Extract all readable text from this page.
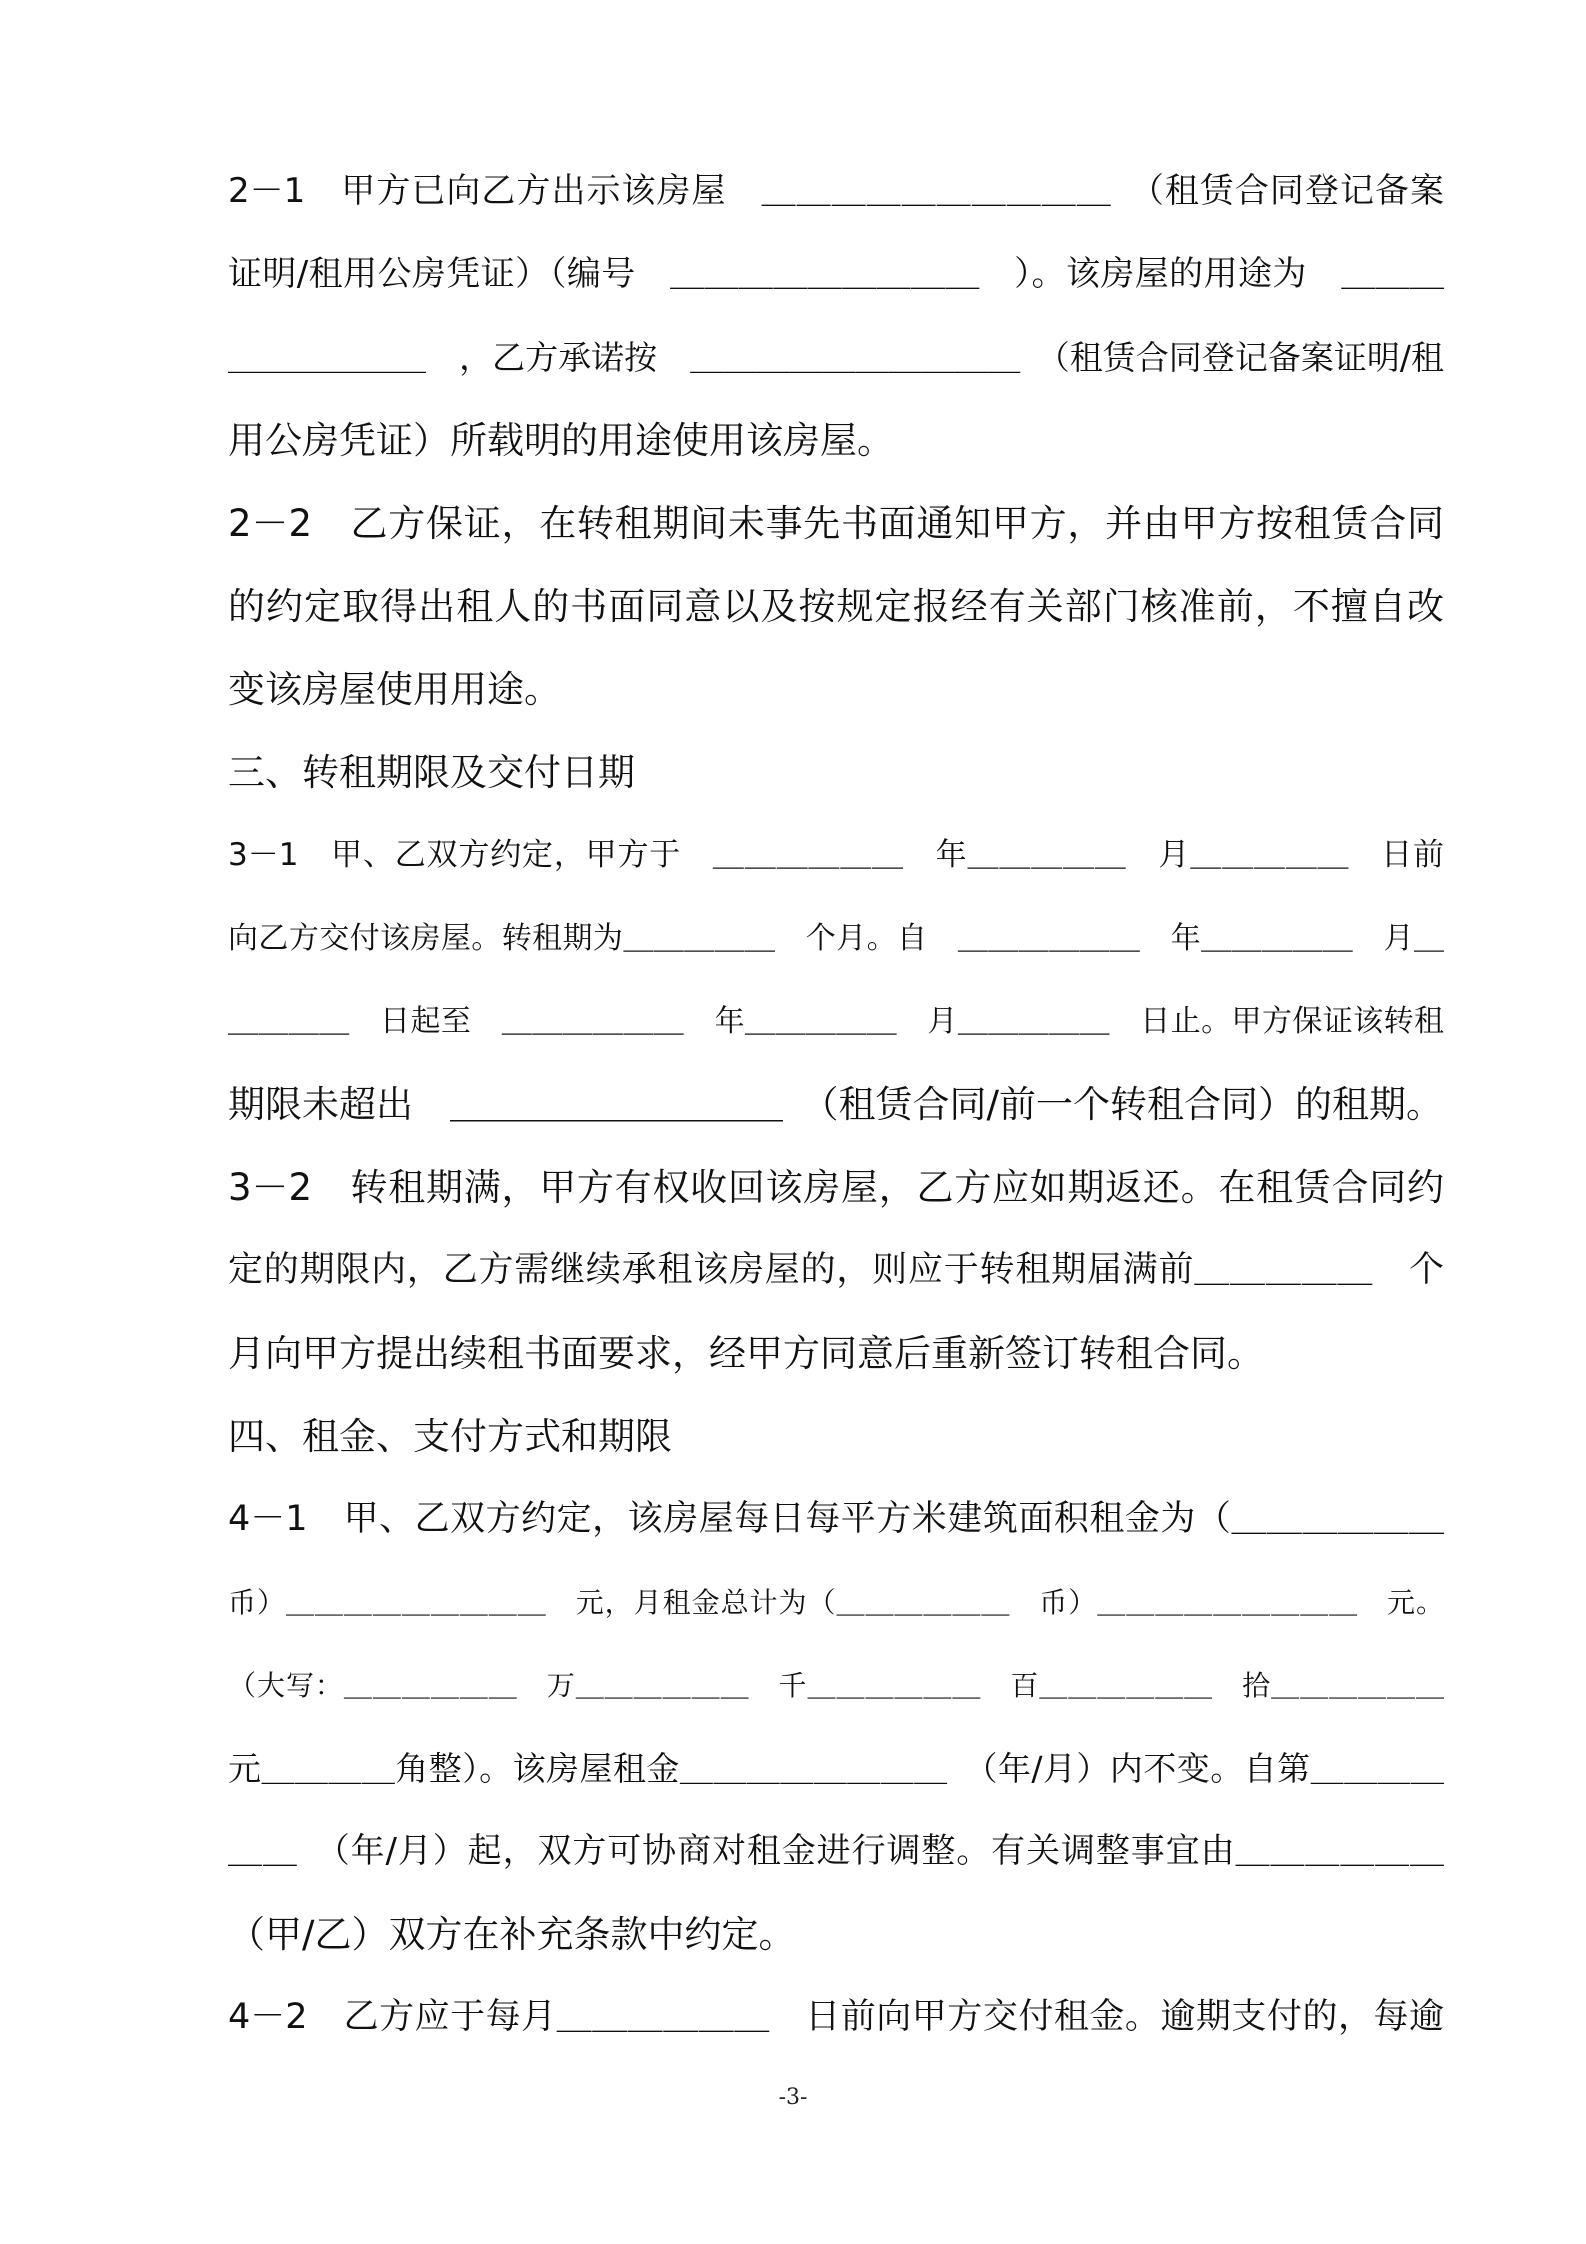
2－1　甲方已向乙方出示该房屋　＿＿＿＿＿＿＿＿＿＿　（租赁合同登记备案
证明/租用公房凭证）（编号　＿＿＿＿＿＿＿＿＿　）。该房屋的用途为　＿＿＿
＿＿＿＿＿＿　，乙方承诺按　＿＿＿＿＿＿＿＿＿＿　（租赁合同登记备案证明/租
用公房凭证）所载明的用途使用该房屋。
2－2　乙方保证，在转租期间未事先书面通知甲方，并由甲方按租赁合同
的约定取得出租人的书面同意以及按规定报经有关部门核准前，不擅自改
变该房屋使用用途。
三、转租期限及交付日期
3－1　甲、乙双方约定，甲方于　＿＿＿＿＿＿　年＿＿＿＿＿　月＿＿＿＿＿　日前
向乙方交付该房屋。转租期为＿＿＿＿＿　个月。自　＿＿＿＿＿＿　年＿＿＿＿＿　月＿
＿＿＿＿　日起至　＿＿＿＿＿＿　年＿＿＿＿＿　月＿＿＿＿＿　日止。甲方保证该转租
期限未超出　＿＿＿＿＿＿＿＿＿　（租赁合同/前一个转租合同）的租期。
3－2　转租期满，甲方有权收回该房屋，乙方应如期返还。在租赁合同约
定的期限内，乙方需继续承租该房屋的，则应于转租期届满前＿＿＿＿＿　个
月向甲方提出续租书面要求，经甲方同意后重新签订转租合同。
四、租金、支付方式和期限
4－1　甲、乙双方约定，该房屋每日每平方米建筑面积租金为（＿＿＿＿＿＿
币）＿＿＿＿＿＿＿＿＿　元，月租金总计为（＿＿＿＿＿＿　币）＿＿＿＿＿＿＿＿＿　元。
（大写：＿＿＿＿＿＿　万＿＿＿＿＿＿　千＿＿＿＿＿＿　百＿＿＿＿＿＿　拾＿＿＿＿＿＿
元＿＿＿＿角整）。该房屋租金＿＿＿＿＿＿＿＿　（年/月）内不变。自第＿＿＿＿
＿＿　（年/月）起，双方可协商对租金进行调整。有关调整事宜由＿＿＿＿＿＿
（甲/乙）双方在补充条款中约定。
4－2　乙方应于每月＿＿＿＿＿＿　日前向甲方交付租金。逾期支付的，每逾
-3-
